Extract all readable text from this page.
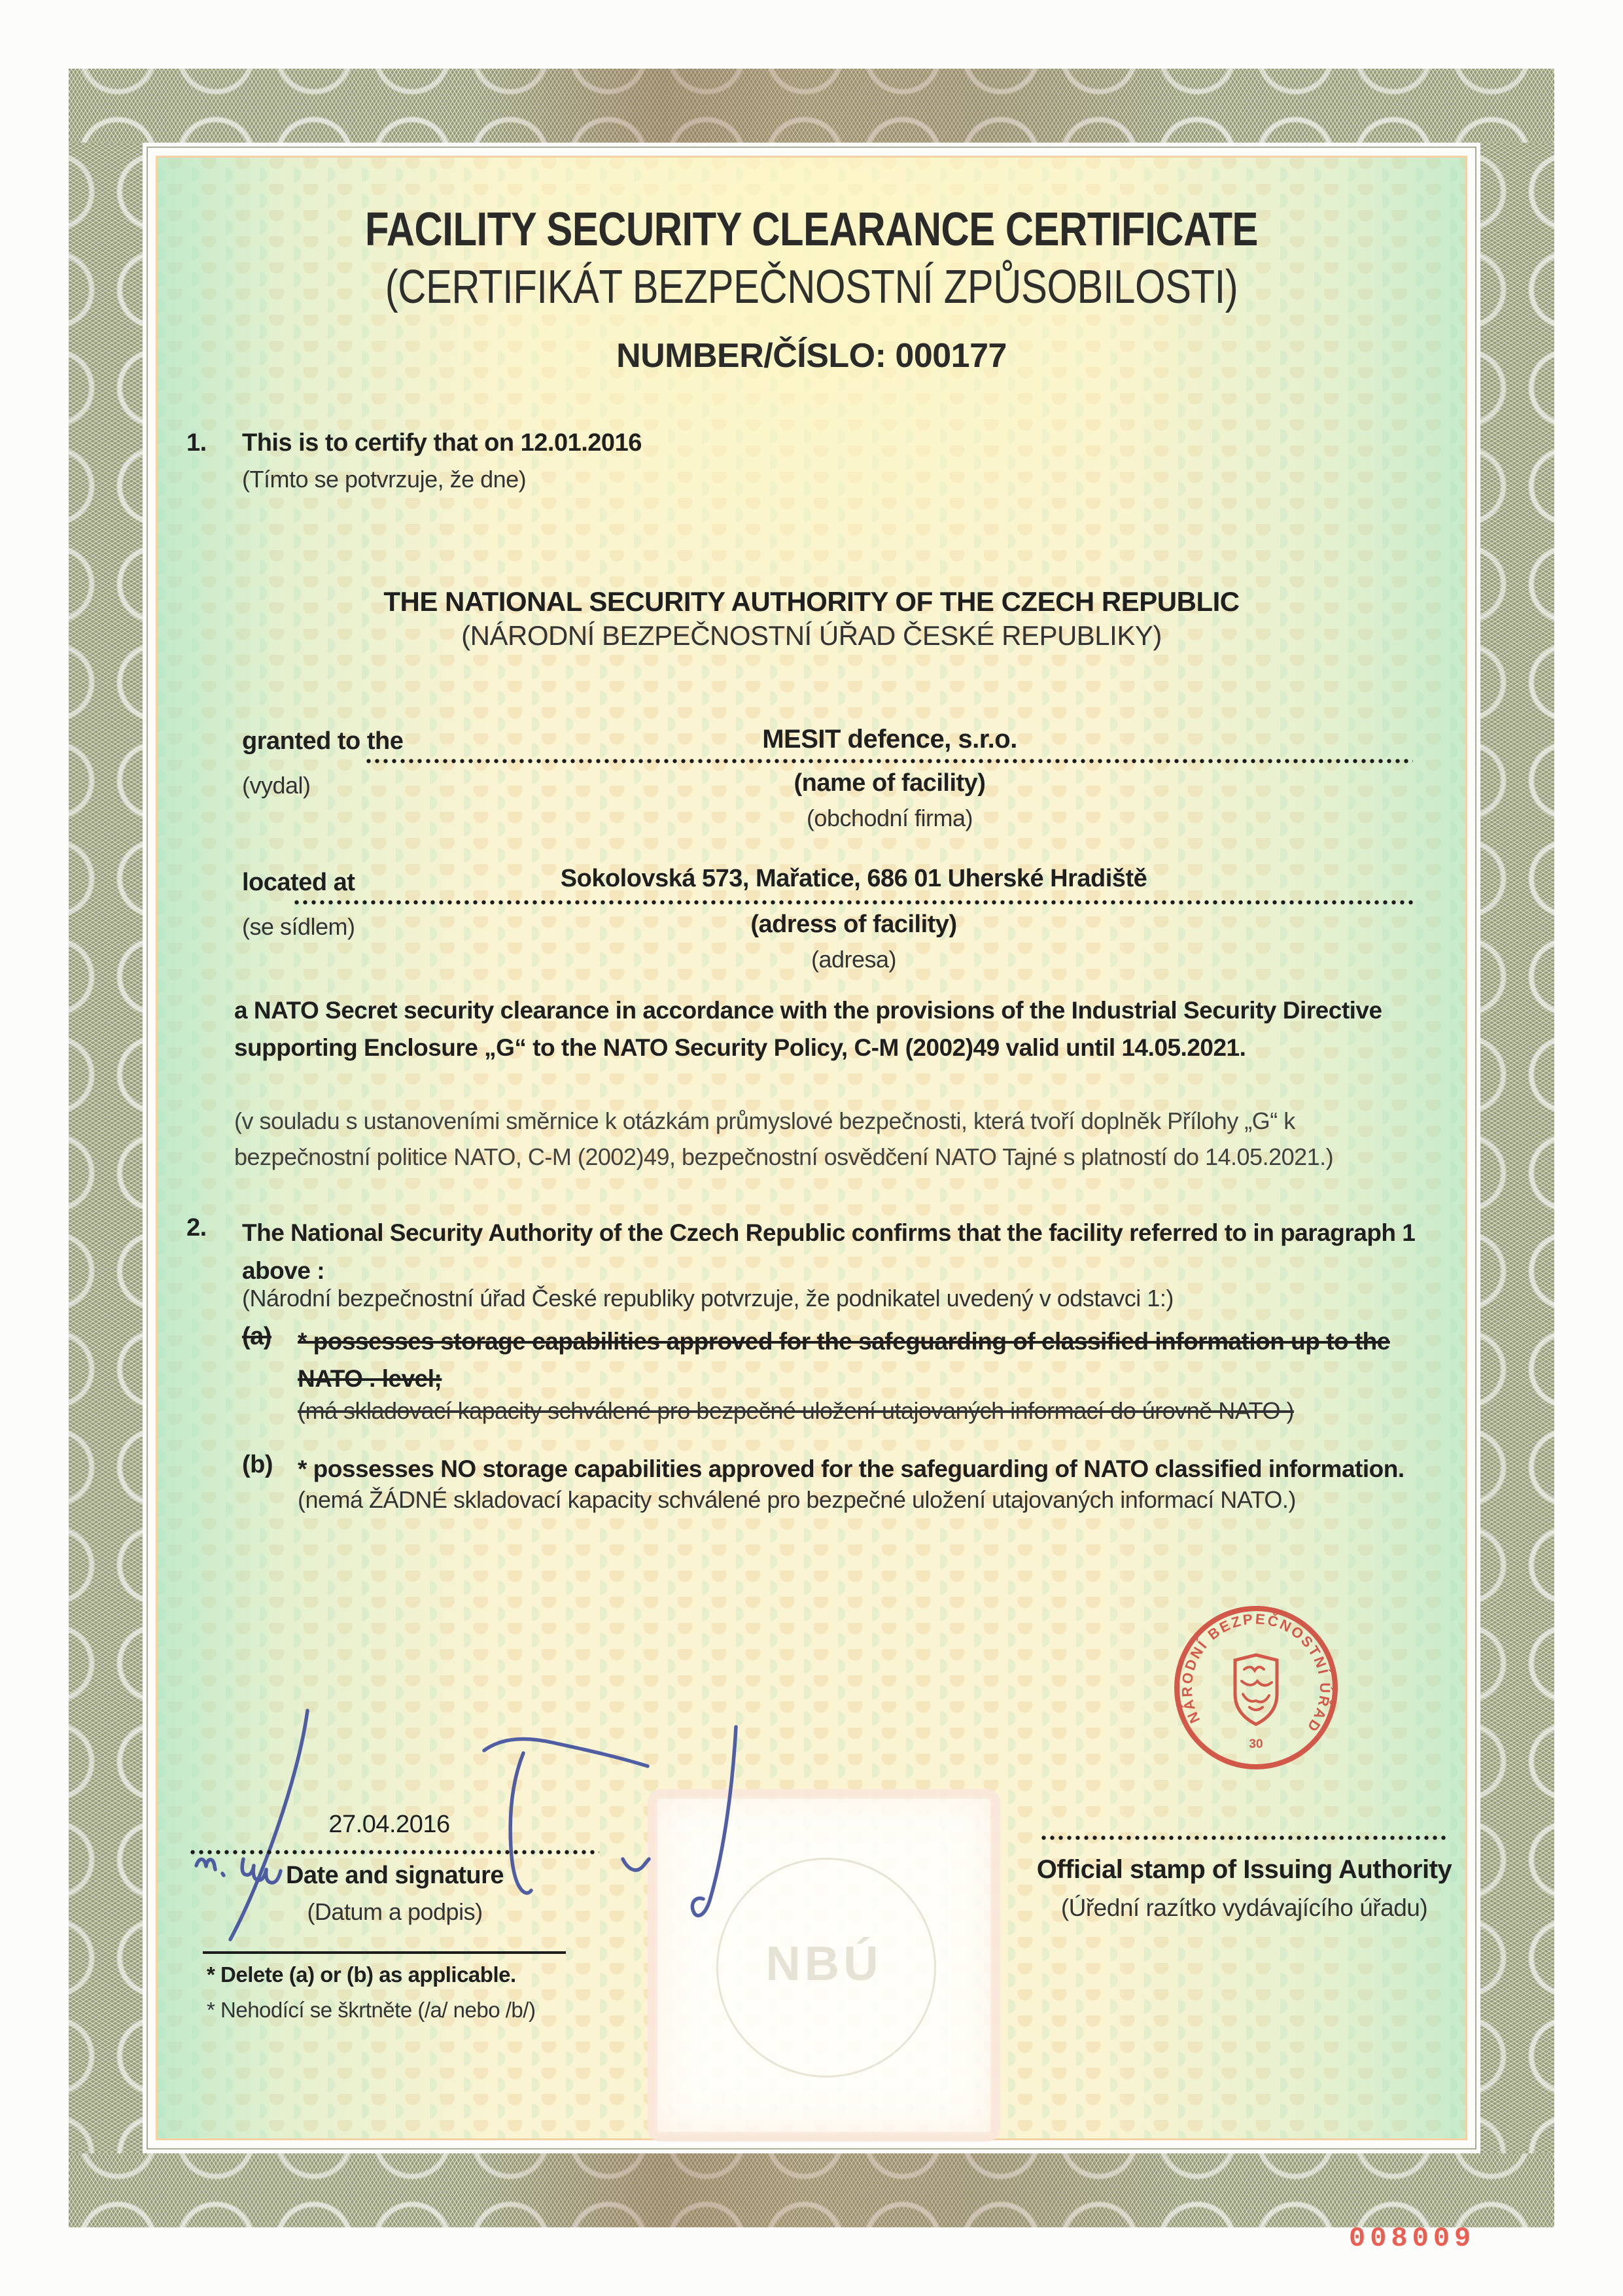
FACILITY SECURITY CLEARANCE CERTIFICATE
(CERTIFIKÁT BEZPEČNOSTNÍ ZPŮSOBILOSTI)
NUMBER/ČÍSLO: 000177
1. This is to certify that on 12.01.2016
(Tímto se potvrzuje, že dne)
THE NATIONAL SECURITY AUTHORITY OF THE CZECH REPUBLIC
(NÁRODNÍ BEZPEČNOSTNÍ ÚŘAD ČESKÉ REPUBLIKY)
granted to the	MESIT defence, s.r.o.
(vydal)	(name of facility)
(obchodní firma)
located at	Sokolovská 573, Mařatice, 686 01 Uherské Hradiště
(se sídlem)	(adress of facility)
(adresa)
a NATO Secret security clearance in accordance with the provisions of the Industrial Security Directive supporting Enclosure „G“ to the NATO Security Policy, C-M (2002)49 valid until 14.05.2021.
(v souladu s ustanoveními směrnice k otázkám průmyslové bezpečnosti, která tvoří doplněk Přílohy „G“ k bezpečnostní politice NATO, C-M (2002)49, bezpečnostní osvědčení NATO Tajné s platností do 14.05.2021.)
2. The National Security Authority of the Czech Republic confirms that the facility referred to in paragraph 1 above :
(Národní bezpečnostní úřad České republiky potvrzuje, že podnikatel uvedený v odstavci 1:)
(a) * possesses storage capabilities approved for the safeguarding of classified information up to the NATO . level;
(má skladovací kapacity schválené pro bezpečné uložení utajovaných informací do úrovně NATO )
(b) * possesses NO storage capabilities approved for the safeguarding of NATO classified information.
(nemá ŽÁDNÉ skladovací kapacity schválené pro bezpečné uložení utajovaných informací NATO.)
NÁRODNÍ BEZPEČNOSTNÍ ÚŘAD
30
NBÚ
27.04.2016
Date and signature
(Datum a podpis)
Official stamp of Issuing Authority
(Úřední razítko vydávajícího úřadu)
* Delete (a) or (b) as applicable.
* Nehodící se škrtněte (/a/ nebo /b/)
008009
